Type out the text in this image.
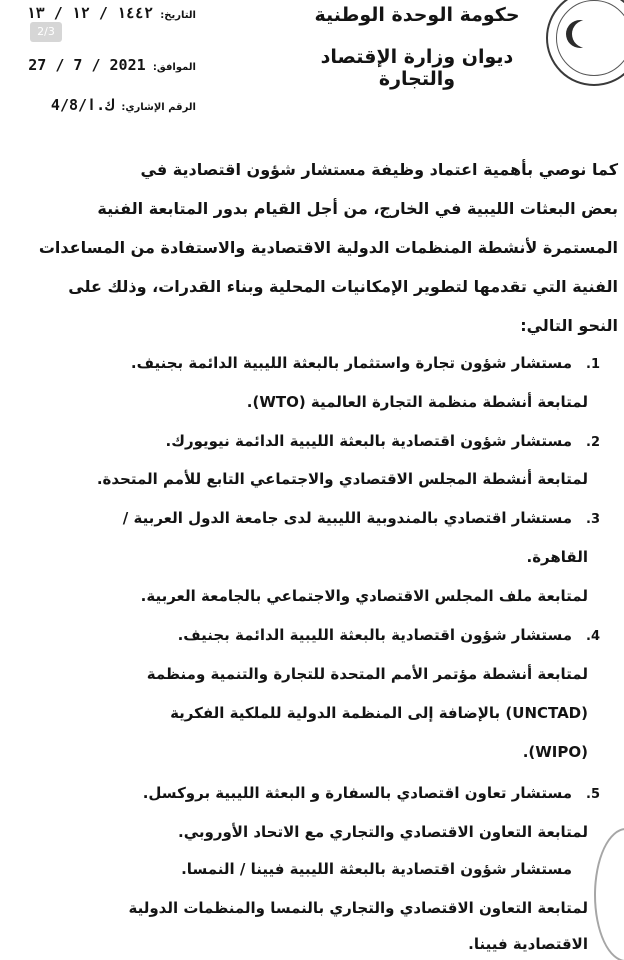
2/3
التاريخ: ١٤٤٢ / ١٢ / ١٣
الموافق: 2021 / 7 / 27
الرقم الإشاري: ك.ا/4/8
حكومة الوحدة الوطنية
ديوان وزارة الإقتصاد والتجارة
كما نوصي بأهمية اعتماد وظيفة مستشار شؤون اقتصادية في
بعض البعثات الليبية في الخارج، من أجل القيام بدور المتابعة الفنية
المستمرة لأنشطة المنظمات الدولية الاقتصادية والاستفادة من المساعدات
الفنية التي تقدمها لتطوير الإمكانيات المحلية وبناء القدرات، وذلك على
النحو التالي:
1.مستشار شؤون تجارة واستثمار بالبعثة الليبية الدائمة بجنيف.
لمتابعة أنشطة منظمة التجارة العالمية (WTO).
2.مستشار شؤون اقتصادية بالبعثة الليبية الدائمة نيويورك.
لمتابعة أنشطة المجلس الاقتصادي والاجتماعي التابع للأمم المتحدة.
3.مستشار اقتصادي بالمندوبية الليبية لدى جامعة الدول العربية /
القاهرة.
لمتابعة ملف المجلس الاقتصادي والاجتماعي بالجامعة العربية.
4.مستشار شؤون اقتصادية بالبعثة الليبية الدائمة بجنيف.
لمتابعة أنشطة مؤتمر الأمم المتحدة للتجارة والتنمية ومنظمة
(UNCTAD) بالإضافة إلى المنظمة الدولية للملكية الفكرية
(WIPO).
5.مستشار تعاون اقتصادي بالسفارة و البعثة الليبية بروكسل.
لمتابعة التعاون الاقتصادي والتجاري مع الاتحاد الأوروبي.
مستشار شؤون اقتصادية بالبعثة الليبية فيينا / النمسا.
لمتابعة التعاون الاقتصادي والتجاري بالنمسا والمنظمات الدولية
الاقتصادية فيينا.
